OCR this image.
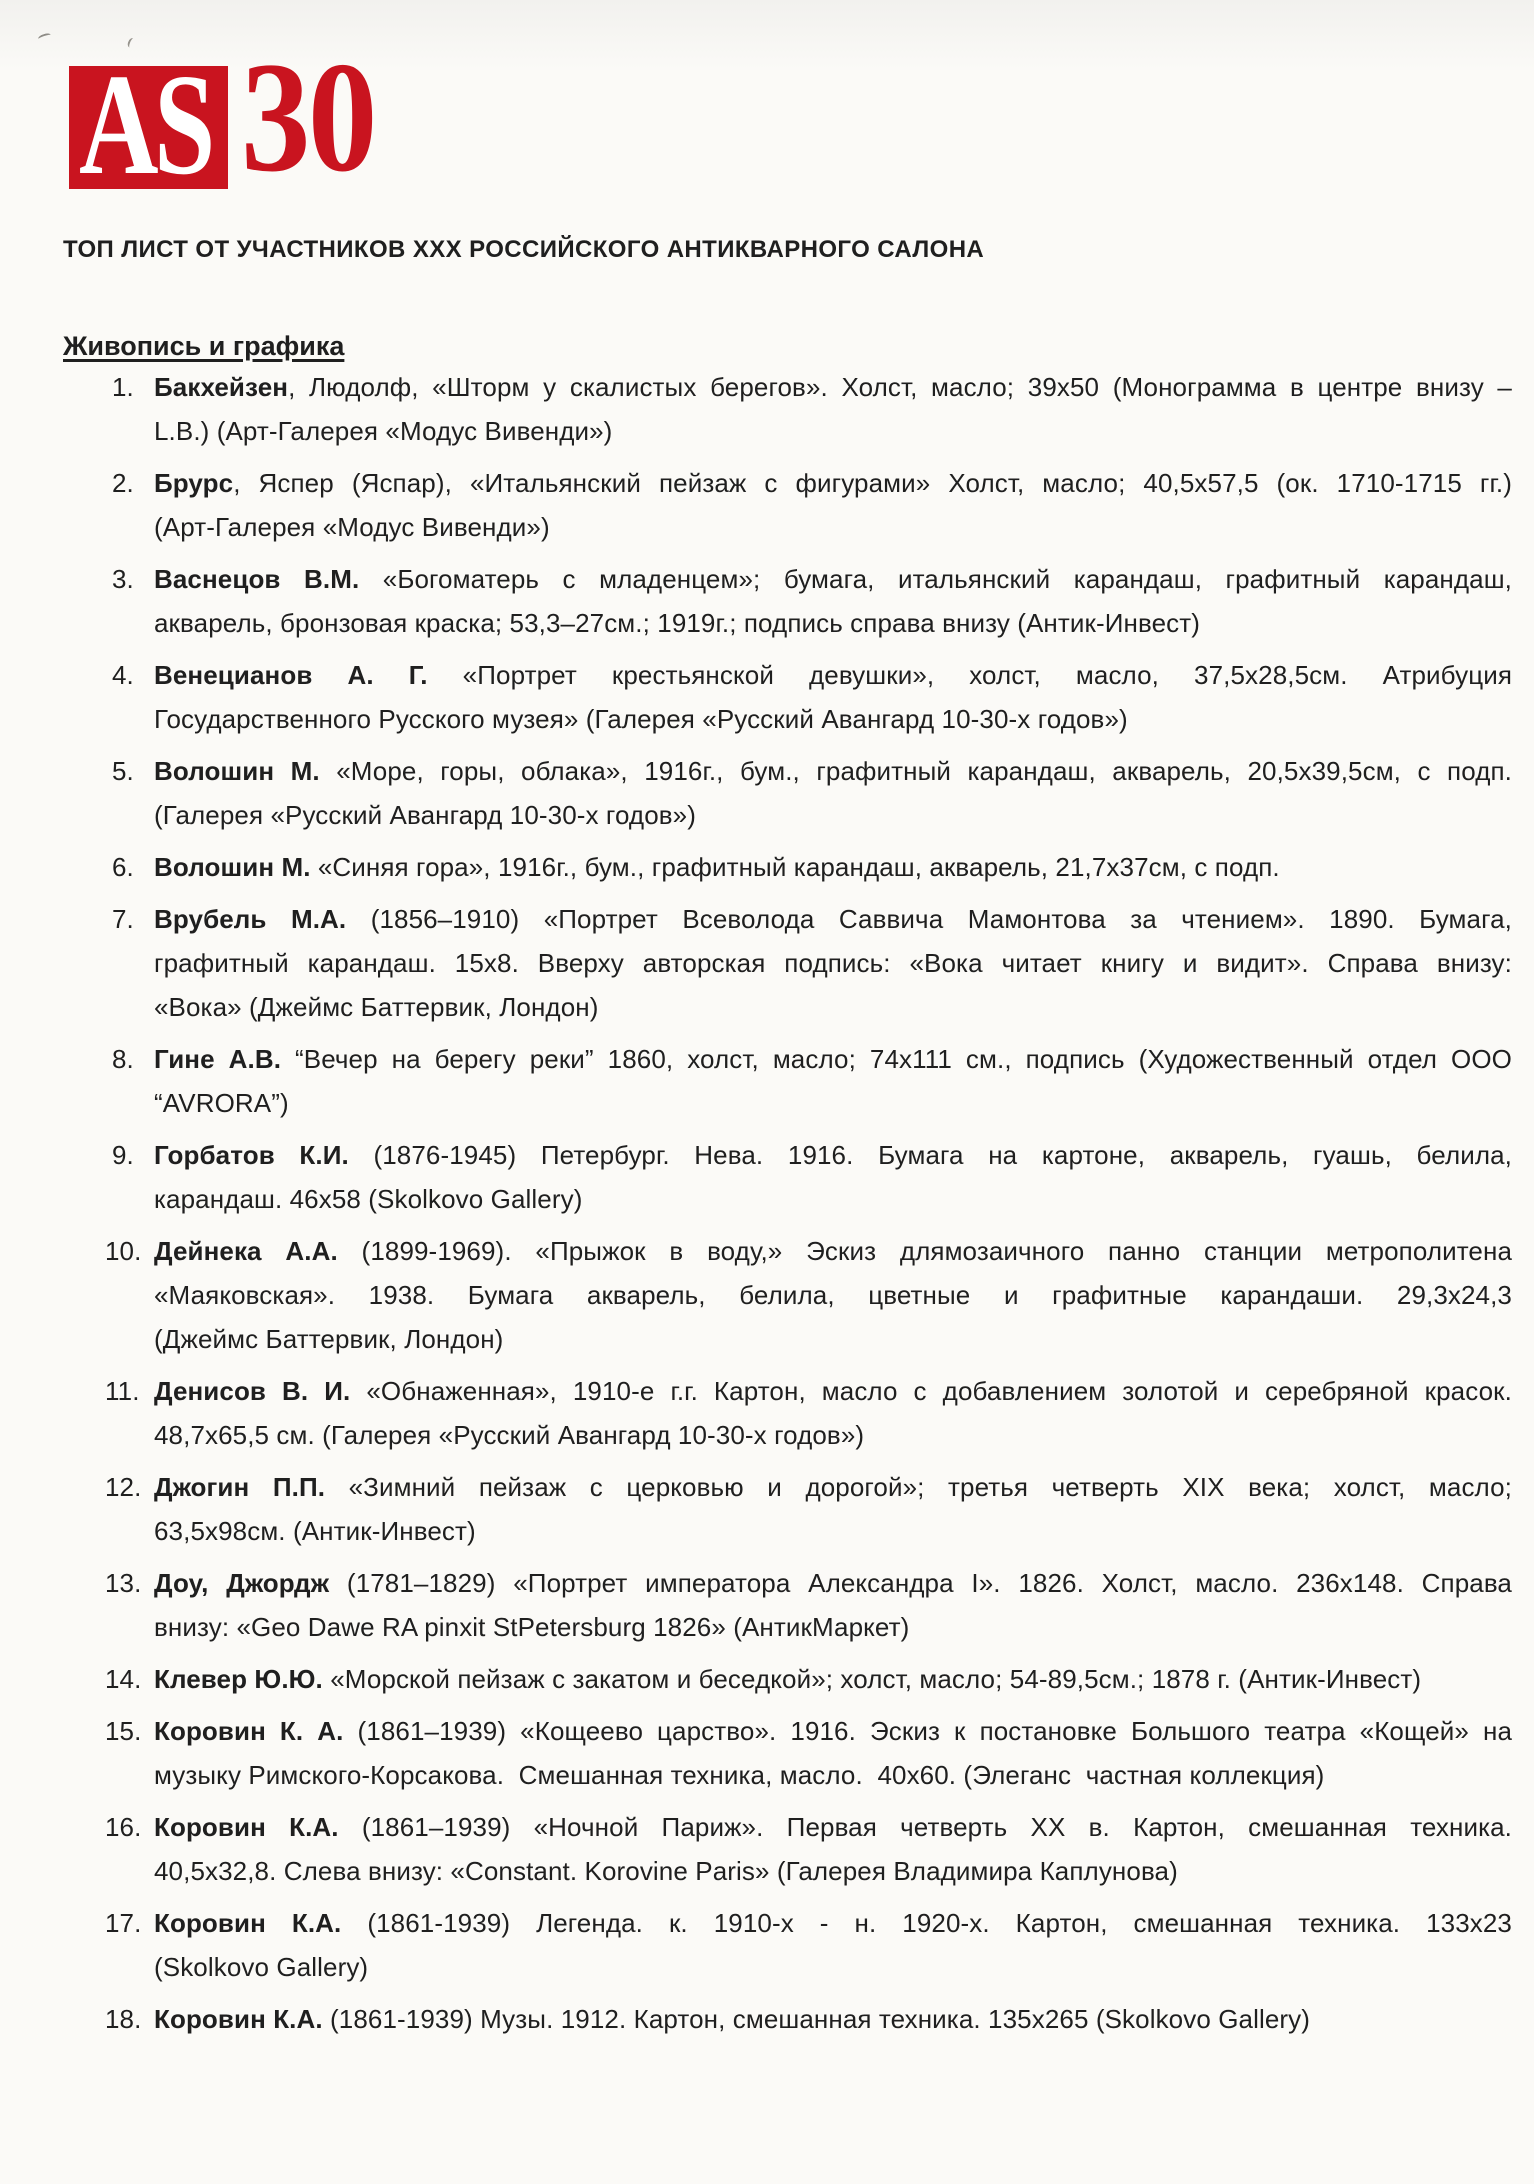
AS 30
ТОП ЛИСТ ОТ УЧАСТНИКОВ XXX РОССИЙСКОГО АНТИКВАРНОГО САЛОНА
Живопись и графика
1. Бакхейзен, Людолф, «Шторм у скалистых берегов». Холст, масло; 39х50 (Монограмма в центре внизу –
L.B.) (Арт-Галерея «Модус Вивенди»)
2. Брурс, Яспер (Яспар), «Итальянский пейзаж с фигурами» Холст, масло; 40,5х57,5 (ок. 1710-1715 гг.)
(Арт-Галерея «Модус Вивенди»)
3. Васнецов В.М. «Богоматерь с младенцем»; бумага, итальянский карандаш, графитный карандаш,
акварель, бронзовая краска; 53,3–27см.; 1919г.; подпись справа внизу (Антик-Инвест)
4. Венецианов А. Г. «Портрет крестьянской девушки», холст, масло, 37,5х28,5см. Атрибуция
Государственного Русского музея» (Галерея «Русский Авангард 10-30-х годов»)
5. Волошин М. «Море, горы, облака», 1916г., бум., графитный карандаш, акварель, 20,5х39,5см, с подп.
(Галерея «Русский Авангард 10-30-х годов»)
6. Волошин М. «Синяя гора», 1916г., бум., графитный карандаш, акварель, 21,7х37см, с подп.
7. Врубель М.А. (1856–1910) «Портрет Всеволода Саввича Мамонтова за чтением». 1890. Бумага,
графитный карандаш. 15х8. Вверху авторская подпись: «Вока читает книгу и видит». Справа внизу:
«Вока» (Джеймс Баттервик, Лондон)
8. Гине А.В. “Вечер на берегу реки” 1860, холст, масло; 74х111 см., подпись (Художественный отдел ООО
“AVRORA”)
9. Горбатов К.И. (1876-1945) Петербург. Нева. 1916. Бумага на картоне, акварель, гуашь, белила,
карандаш. 46х58 (Skolkovo Gallery)
10. Дейнека А.А. (1899-1969). «Прыжок в воду,» Эскиз длямозаичного панно станции метрополитена
«Маяковская». 1938. Бумага акварель, белила, цветные и графитные карандаши. 29,3х24,3
(Джеймс Баттервик, Лондон)
11. Денисов В. И. «Обнаженная», 1910-е г.г. Картон, масло с добавлением золотой и серебряной красок.
48,7х65,5 см. (Галерея «Русский Авангард 10-30-х годов»)
12. Джогин П.П. «Зимний пейзаж с церковью и дорогой»; третья четверть XIX века; холст, масло;
63,5х98см. (Антик-Инвест)
13. Доу, Джордж (1781–1829) «Портрет императора Александра I». 1826. Холст, масло. 236х148. Справа
внизу: «Geo Dawe RA pinxit StPetersburg 1826» (АнтикМаркет)
14. Клевер Ю.Ю. «Морской пейзаж с закатом и беседкой»; холст, масло; 54-89,5см.; 1878 г. (Антик-Инвест)
15. Коровин К. А. (1861–1939) «Кощеево царство». 1916. Эскиз к постановке Большого театра «Кощей» на
музыку Римского-Корсакова.  Смешанная техника, масло.  40х60. (Элеганс  частная коллекция)
16. Коровин К.А. (1861–1939) «Ночной Париж». Первая четверть XX в. Картон, смешанная техника.
40,5х32,8. Слева внизу: «Constant. Korovine Paris» (Галерея Владимира Каплунова)
17. Коровин К.А. (1861-1939) Легенда. к. 1910-х - н. 1920-х. Картон, смешанная техника. 133х23
(Skolkovo Gallery)
18. Коровин К.А. (1861-1939) Музы. 1912. Картон, смешанная техника. 135х265 (Skolkovo Gallery)
